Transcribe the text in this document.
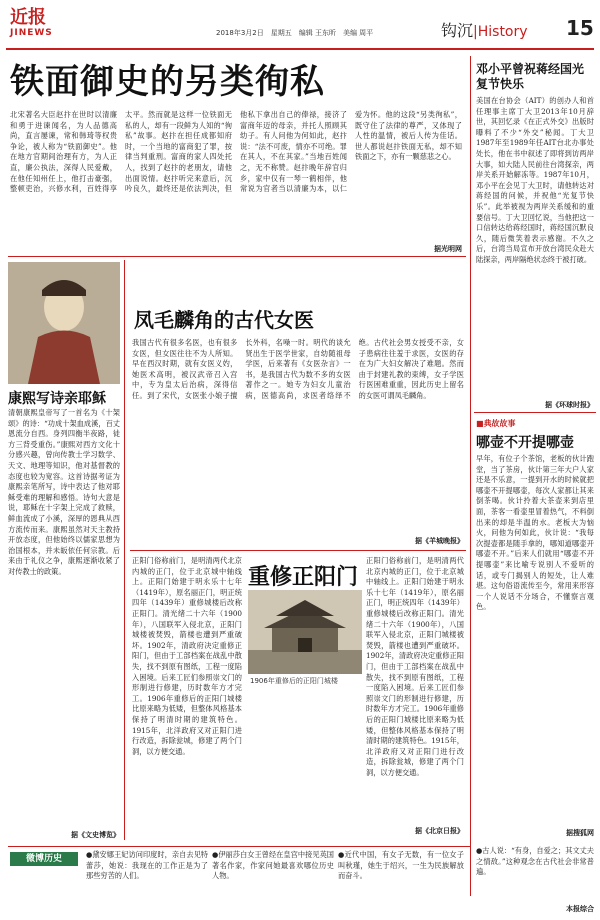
近报
JINEWS	2018年3月2日　星期五　编辑 王东昕　美编 周平	钩沉|History 15
铁面御史的另类徇私
北宋著名大臣赵抃在世时以清廉和勇于进谏闻名，为人品德高尚，直言屡谏，常和韩琦等权贵争论，被人称为“铁面御史”。他在地方官期间治理有方，为人正直，廉公执法，深得人民爱戴，在他任知州任上，他打击豪强，整顿吏治，兴修水利，百姓得享太平。然而就是这样一位铁面无私的人，却有一段鲜为人知的“徇私”故事。赵抃在担任成都知府时，一个当地的富商犯了罪，按律当判重刑。富商的家人四处托人，找到了赵抃的老朋友，请他出面说情。赵抃听完来意后，沉吟良久，最终还是依法判决，但他私下拿出自己的俸禄，接济了富商年迈的母亲，并托人照顾其幼子。有人问他为何如此，赵抃说：“法不可废，情亦不可绝。罪在其人，不在其家。”当地百姓闻之，无不称赞。赵抃晚年辞官归乡，家中仅有一琴一鹤相伴，他常说为官者当以清廉为本，以仁爱为怀。他的这段“另类徇私”，既守住了法律的尊严，又体现了人性的温情，被后人传为佳话。世人都说赵抃铁面无私，却不知铁面之下，亦有一颗慈悲之心。
据光明网
康熙写诗亲耶稣
清朝康熙皇帝写了一首名为《十架颂》的诗：“功成十架血成溪，百丈恩流分自西。身列四衡半夜路，徒方三背受重伤。”康熙对西方文化十分感兴趣，曾向传教士学习数学、天文、地理等知识，他对基督教的态度也较为宽容。这首诗据考证为康熙亲笔所写，诗中表达了他对耶稣受难的理解和感悟。诗句大意是说，耶稣在十字架上完成了救赎，鲜血流成了小溪，深厚的恩典从西方流传而来。康熙虽然对天主教持开放态度，但他始终以儒家思想为治国根本，并未皈依任何宗教。后来由于礼仪之争，康熙逐渐收紧了对传教士的政策。
据《文史博览》
凤毛麟角的古代女医
我国古代有很多名医，也有很多女医，但女医往往不为人所知。早在西汉时期，就有女医义妁，她医术高明，被汉武帝召入宫中，专为皇太后治病，深得信任。到了宋代，女医张小娘子擅长外科，名噪一时。明代的谈允贤出生于医学世家，自幼随祖母学医，后来著有《女医杂言》一书，是我国古代为数不多的女医著作之一。她专为妇女儿童治病，医德高尚，求医者络绎不绝。古代社会男女授受不亲，女子患病往往羞于求医，女医的存在为广大妇女解决了难题。然而由于封建礼教的束缚，女子学医行医困难重重，因此历史上留名的女医可谓凤毛麟角。
据《羊城晚报》
正阳门俗称前门，是明清两代北京内城的正门，位于北京城中轴线上。正阳门始建于明永乐十七年（1419年），原名丽正门，明正统四年（1439年）重修城楼后改称正阳门。清光绪二十六年（1900年），八国联军入侵北京，正阳门城楼被焚毁，箭楼也遭到严重破坏。1902年，清政府决定重修正阳门，但由于工部档案在战乱中散失，找不到原有图纸，工程一度陷入困境。后来工匠们参照崇文门的形制进行修建，历时数年方才完工。1906年重修后的正阳门城楼比原来略为低矮，但整体风格基本保持了明清时期的建筑特色。1915年，北洋政府又对正阳门进行改造，拆除瓮城，修建了两个门洞，以方便交通。
重修正阳门
1906年重修后的正阳门城楼
正阳门俗称前门，是明清两代北京内城的正门，位于北京城中轴线上。正阳门始建于明永乐十七年（1419年），原名丽正门，明正统四年（1439年）重修城楼后改称正阳门。清光绪二十六年（1900年），八国联军入侵北京，正阳门城楼被焚毁，箭楼也遭到严重破坏。1902年，清政府决定重修正阳门，但由于工部档案在战乱中散失，找不到原有图纸，工程一度陷入困境。后来工匠们参照崇文门的形制进行修建，历时数年方才完工。1906年重修后的正阳门城楼比原来略为低矮，但整体风格基本保持了明清时期的建筑特色。1915年，北洋政府又对正阳门进行改造，拆除瓮城，修建了两个门洞，以方便交通。
据《北京日报》
邓小平曾祝蒋经国光复节快乐
美国在台协会（AIT）的创办人和首任理事主席丁大卫2013年10月辞世，其回忆录《在正式外交》出版时曝料了不少“外交”秘闻。丁大卫1987年至1989年任AIT台北办事处处长，他在书中叙述了即将到访两岸大事，如大陆人民前往台湾探亲，两岸关系开始解冻等。1987年10月，邓小平在会见丁大卫时，请他转达对蒋经国的问候，并祝他“光复节快乐”。此举被视为两岸关系缓和的重要信号。丁大卫回忆说，当他把这一口信转达给蒋经国时，蒋经国沉默良久，随后微笑着表示感谢。不久之后，台湾当局宣布开放台湾民众赴大陆探亲，两岸隔绝状态终于被打破。
据《环球时报》
■典故故事
哪壶不开提哪壶
早年，有位子个茶馆，老板的伙计跑堂，当了茶房，伙计第三年大户人家还是不乐意，一提到开水的时候就把哪壶不开提哪壶，每次人家都让其来倒茶喝。伙计拎着大茶壶来到店里面，茶客一看壶里冒着热气，不料倒出来的却是半温的水。老板大为恼火，问他为何如此，伙计说：“我每次提壶都是随手拿的，哪知道哪壶开哪壶不开。”后来人们就用“哪壶不开提哪壶”来比喻专说别人不爱听的话，或专门揭别人的短处，让人难堪。这句俗语流传至今，常用来形容一个人说话不分场合，不懂察言观色。
据搜狐网
微博历史	●黛安娜王妃访问印度时，亲自去见特蕾莎，她说：我现在的工作正是为了那些穷苦的人们。
●伊丽莎白女王曾经在皇宫中接见英国著名作家，作家问她最喜欢哪位历史人物。
●近代中国，有女子无数，有一位女子叫秋瑾，她生于绍兴，一生为民族解放而奋斗。
●古人说：“有身，自爱之；其文丈夫之情敌。”这种观念在古代社会非常普遍。
本报综合
